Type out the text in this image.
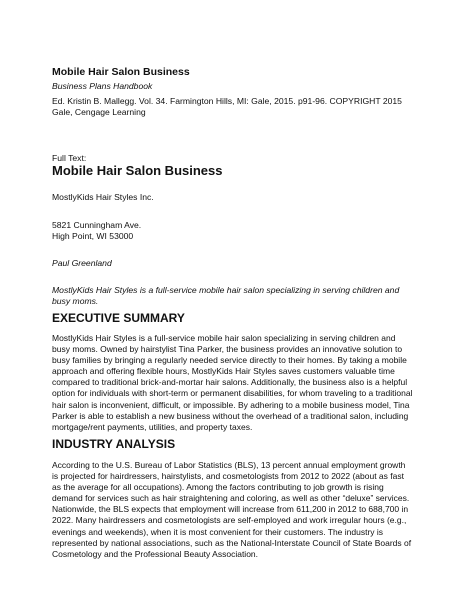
Mobile Hair Salon Business
Business Plans Handbook
Ed. Kristin B. Mallegg. Vol. 34. Farmington Hills, MI: Gale, 2015. p91-96. COPYRIGHT 2015
Gale, Cengage Learning
Full Text:
Mobile Hair Salon Business
MostlyKids Hair Styles Inc.
5821 Cunningham Ave.
High Point, WI 53000
Paul Greenland
MostlyKids Hair Styles is a full-service mobile hair salon specializing in serving children and
busy moms.
EXECUTIVE SUMMARY
MostlyKids Hair Styles is a full-service mobile hair salon specializing in serving children and
busy moms. Owned by hairstylist Tina Parker, the business provides an innovative solution to
busy families by bringing a regularly needed service directly to their homes. By taking a mobile
approach and offering flexible hours, MostlyKids Hair Styles saves customers valuable time
compared to traditional brick-and-mortar hair salons. Additionally, the business also is a helpful
option for individuals with short-term or permanent disabilities, for whom traveling to a traditional
hair salon is inconvenient, difficult, or impossible. By adhering to a mobile business model, Tina
Parker is able to establish a new business without the overhead of a traditional salon, including
mortgage/rent payments, utilities, and property taxes.
INDUSTRY ANALYSIS
According to the U.S. Bureau of Labor Statistics (BLS), 13 percent annual employment growth
is projected for hairdressers, hairstylists, and cosmetologists from 2012 to 2022 (about as fast
as the average for all occupations). Among the factors contributing to job growth is rising
demand for services such as hair straightening and coloring, as well as other “deluxe” services.
Nationwide, the BLS expects that employment will increase from 611,200 in 2012 to 688,700 in
2022. Many hairdressers and cosmetologists are self-employed and work irregular hours (e.g.,
evenings and weekends), when it is most convenient for their customers. The industry is
represented by national associations, such as the National-Interstate Council of State Boards of
Cosmetology and the Professional Beauty Association.
